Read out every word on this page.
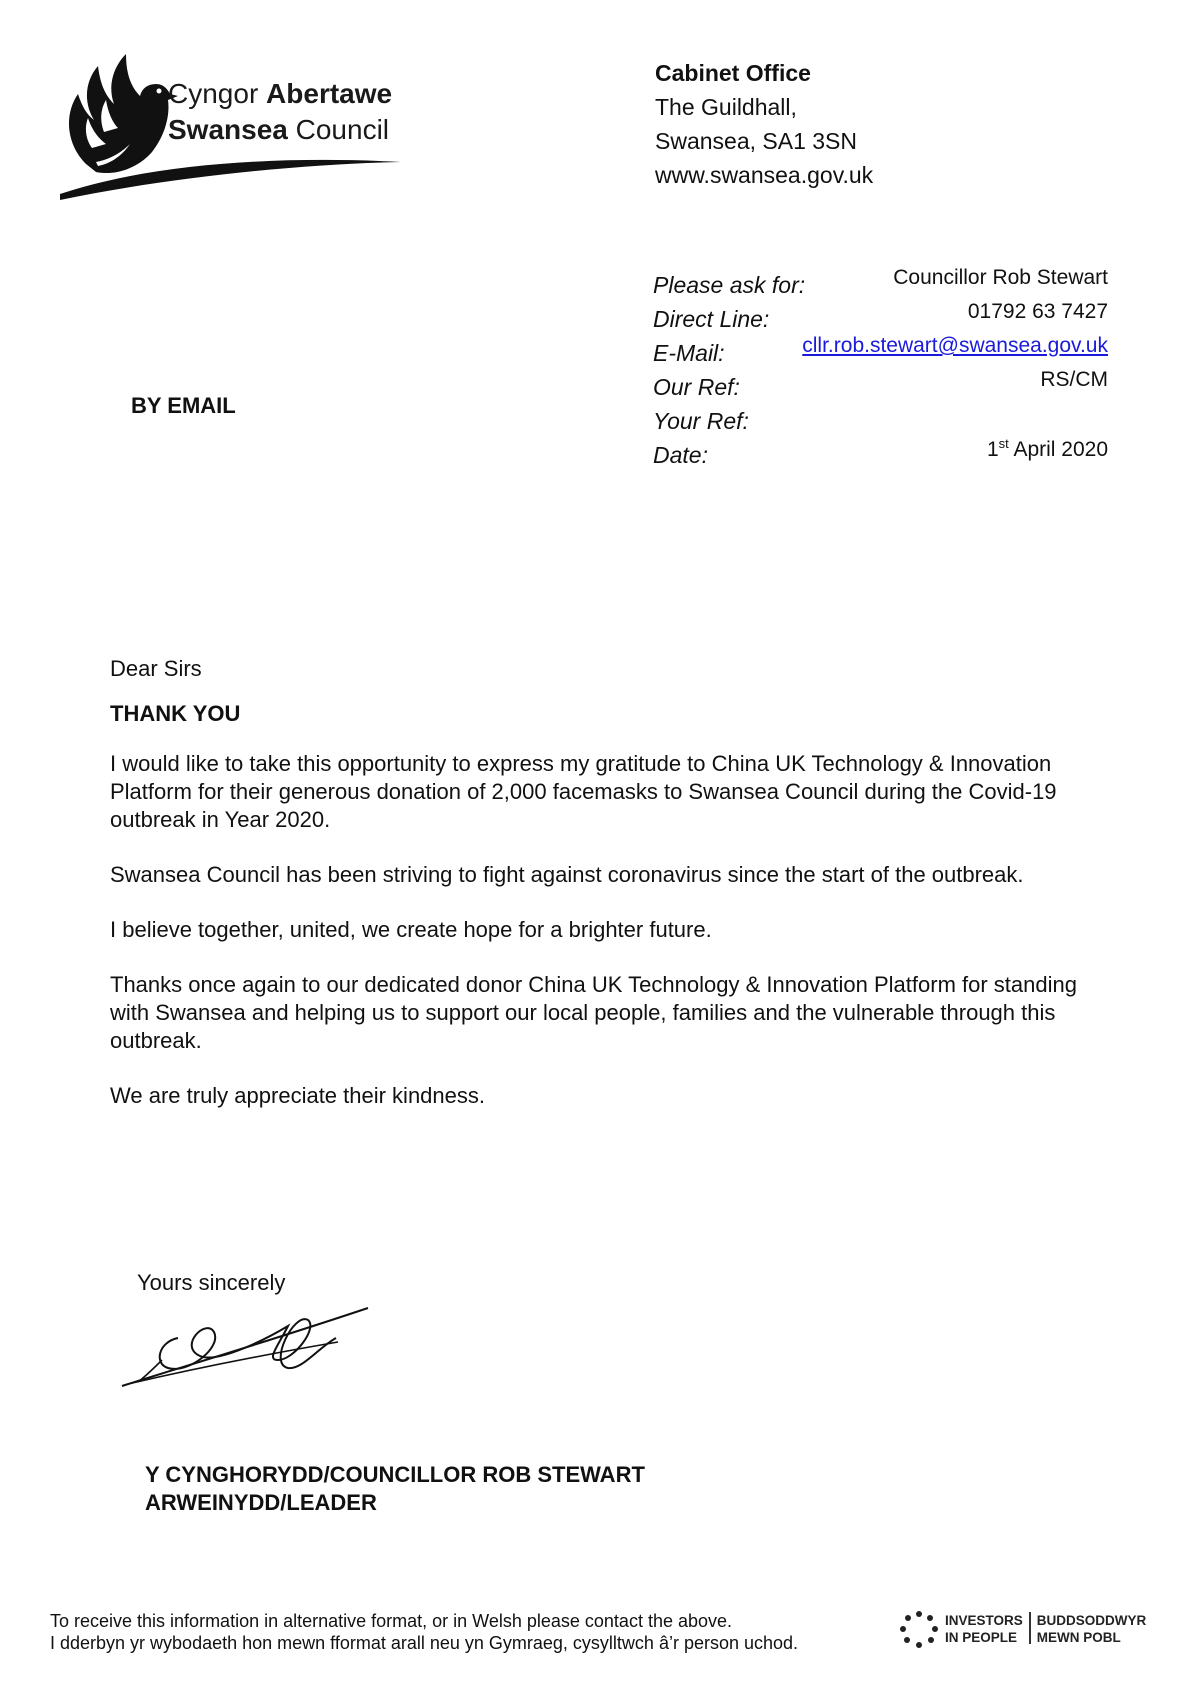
Cyngor Abertawe
Swansea Council
Cabinet Office
The Guildhall,
Swansea, SA1 3SN
www.swansea.gov.uk
Please ask for:	Councillor Rob Stewart
Direct Line:	01792 63 7427
E-Mail:	cllr.rob.stewart@swansea.gov.uk
Our Ref:	RS/CM
Your Ref:
Date:	1st April 2020
BY EMAIL

Dear Sirs

THANK YOU

I would like to take this opportunity to express my gratitude to China UK Technology & Innovation Platform for their generous donation of 2,000 facemasks to Swansea Council during the Covid-19 outbreak in Year 2020.

Swansea Council has been striving to fight against coronavirus since the start of the outbreak.

I believe together, united, we create hope for a brighter future.

Thanks once again to our dedicated donor China UK Technology & Innovation Platform for standing with Swansea and helping us to support our local people, families and the vulnerable through this outbreak.

We are truly appreciate their kindness.

Yours sincerely
Y CYNGHORYDD/COUNCILLOR ROB STEWART
ARWEINYDD/LEADER
To receive this information in alternative format, or in Welsh please contact the above.
I dderbyn yr wybodaeth hon mewn fformat arall neu yn Gymraeg, cysylltwch â’r person uchod.
INVESTORS
IN PEOPLE
BUDDSODDWYR
MEWN POBL
